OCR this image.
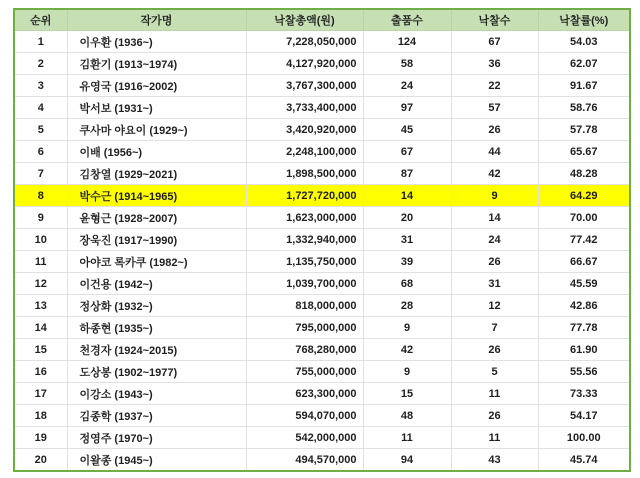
순위	작가명	낙찰총액(원)	출품수	낙찰수	낙찰률(%)
1	이우환 (1936~)	7,228,050,000	124	67	54.03
2	김환기 (1913~1974)	4,127,920,000	58	36	62.07
3	유영국 (1916~2002)	3,767,300,000	24	22	91.67
4	박서보 (1931~)	3,733,400,000	97	57	58.76
5	쿠사마 야요이 (1929~)	3,420,920,000	45	26	57.78
6	이배 (1956~)	2,248,100,000	67	44	65.67
7	김창열 (1929~2021)	1,898,500,000	87	42	48.28
8	박수근 (1914~1965)	1,727,720,000	14	9	64.29
9	윤형근 (1928~2007)	1,623,000,000	20	14	70.00
10	장욱진 (1917~1990)	1,332,940,000	31	24	77.42
11	아야코 록카쿠 (1982~)	1,135,750,000	39	26	66.67
12	이건용 (1942~)	1,039,700,000	68	31	45.59
13	정상화 (1932~)	818,000,000	28	12	42.86
14	하종현 (1935~)	795,000,000	9	7	77.78
15	천경자 (1924~2015)	768,280,000	42	26	61.90
16	도상봉 (1902~1977)	755,000,000	9	5	55.56
17	이강소 (1943~)	623,300,000	15	11	73.33
18	김종학 (1937~)	594,070,000	48	26	54.17
19	정영주 (1970~)	542,000,000	11	11	100.00
20	이왈종 (1945~)	494,570,000	94	43	45.74
